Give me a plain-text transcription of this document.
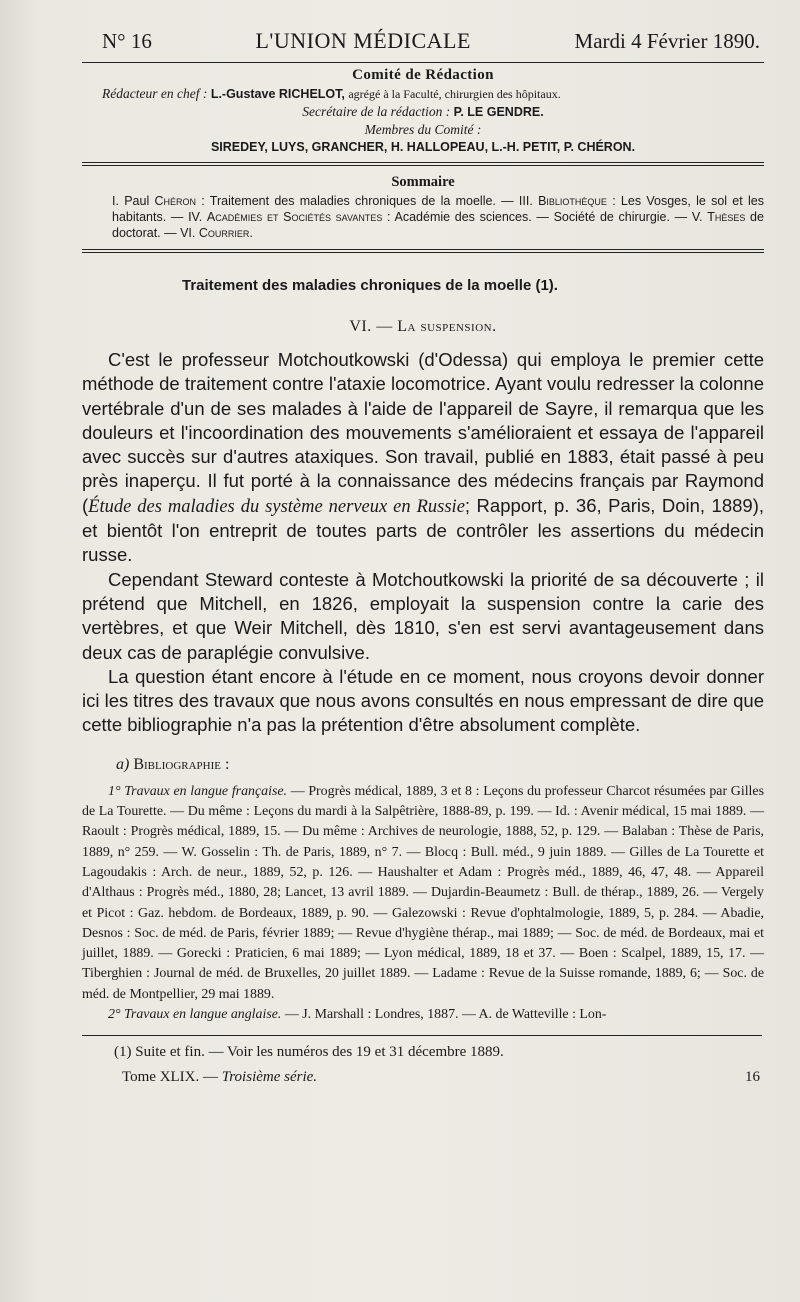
N° 16	L'UNION MÉDICALE	Mardi 4 Février 1890.
Comité de Rédaction
Rédacteur en chef : L.-Gustave RICHELOT, agrégé à la Faculté, chirurgien des hôpitaux.
Secrétaire de la rédaction : P. LE GENDRE.
Membres du Comité :
SIREDEY, LUYS, GRANCHER, H. HALLOPEAU, L.-H. PETIT, P. CHÉRON.
Sommaire
I. Paul Chéron : Traitement des maladies chroniques de la moelle. — III. Bibliothèque : Les Vosges, le sol et les habitants. — IV. Académies et Sociétés savantes : Académie des sciences. — Société de chirurgie. — V. Thèses de doctorat. — VI. Courrier.
Traitement des maladies chroniques de la moelle (1).
VI. — La suspension.

C'est le professeur Motchoutkowski (d'Odessa) qui employa le premier cette méthode de traitement contre l'ataxie locomotrice. Ayant voulu redresser la colonne vertébrale d'un de ses malades à l'aide de l'appareil de Sayre, il remarqua que les douleurs et l'incoordination des mouvements s'amélioraient et essaya de l'appareil avec succès sur d'autres ataxiques. Son travail, publié en 1883, était passé à peu près inaperçu. Il fut porté à la connaissance des médecins français par Raymond (Étude des maladies du système nerveux en Russie; Rapport, p. 36, Paris, Doin, 1889), et bientôt l'on entreprit de toutes parts de contrôler les assertions du médecin russe.

Cependant Steward conteste à Motchoutkowski la priorité de sa découverte ; il prétend que Mitchell, en 1826, employait la suspension contre la carie des vertèbres, et que Weir Mitchell, dès 1810, s'en est servi avantageusement dans deux cas de paraplégie convulsive.

La question étant encore à l'étude en ce moment, nous croyons devoir donner ici les titres des travaux que nous avons consultés en nous empressant de dire que cette bibliographie n'a pas la prétention d'être absolument complète.

a) Bibliographie :

1° Travaux en langue française. — Progrès médical, 1889, 3 et 8 : Leçons du professeur Charcot résumées par Gilles de La Tourette. — Du même : Leçons du mardi à la Salpêtrière, 1888-89, p. 199. — Id. : Avenir médical, 15 mai 1889. — Raoult : Progrès médical, 1889, 15. — Du même : Archives de neurologie, 1888, 52, p. 129. — Balaban : Thèse de Paris, 1889, n° 259. — W. Gosselin : Th. de Paris, 1889, n° 7. — Blocq : Bull. méd., 9 juin 1889. — Gilles de La Tourette et Lagoudakis : Arch. de neur., 1889, 52, p. 126. — Haushalter et Adam : Progrès méd., 1889, 46, 47, 48. — Appareil d'Althaus : Progrès méd., 1880, 28; Lancet, 13 avril 1889. — Dujardin-Beaumetz : Bull. de thérap., 1889, 26. — Vergely et Picot : Gaz. hebdom. de Bordeaux, 1889, p. 90. — Galezowski : Revue d'ophtalmologie, 1889, 5, p. 284. — Abadie, Desnos : Soc. de méd. de Paris, février 1889; — Revue d'hygiène thérap., mai 1889; — Soc. de méd. de Bordeaux, mai et juillet, 1889. — Gorecki : Praticien, 6 mai 1889; — Lyon médical, 1889, 18 et 37. — Boen : Scalpel, 1889, 15, 17. — Tiberghien : Journal de méd. de Bruxelles, 20 juillet 1889. — Ladame : Revue de la Suisse romande, 1889, 6; — Soc. de méd. de Montpellier, 29 mai 1889.

2° Travaux en langue anglaise. — J. Marshall : Londres, 1887. — A. de Watteville : Lon-

(1) Suite et fin. — Voir les numéros des 19 et 31 décembre 1889.
Tome XLIX. — Troisième série.	16
